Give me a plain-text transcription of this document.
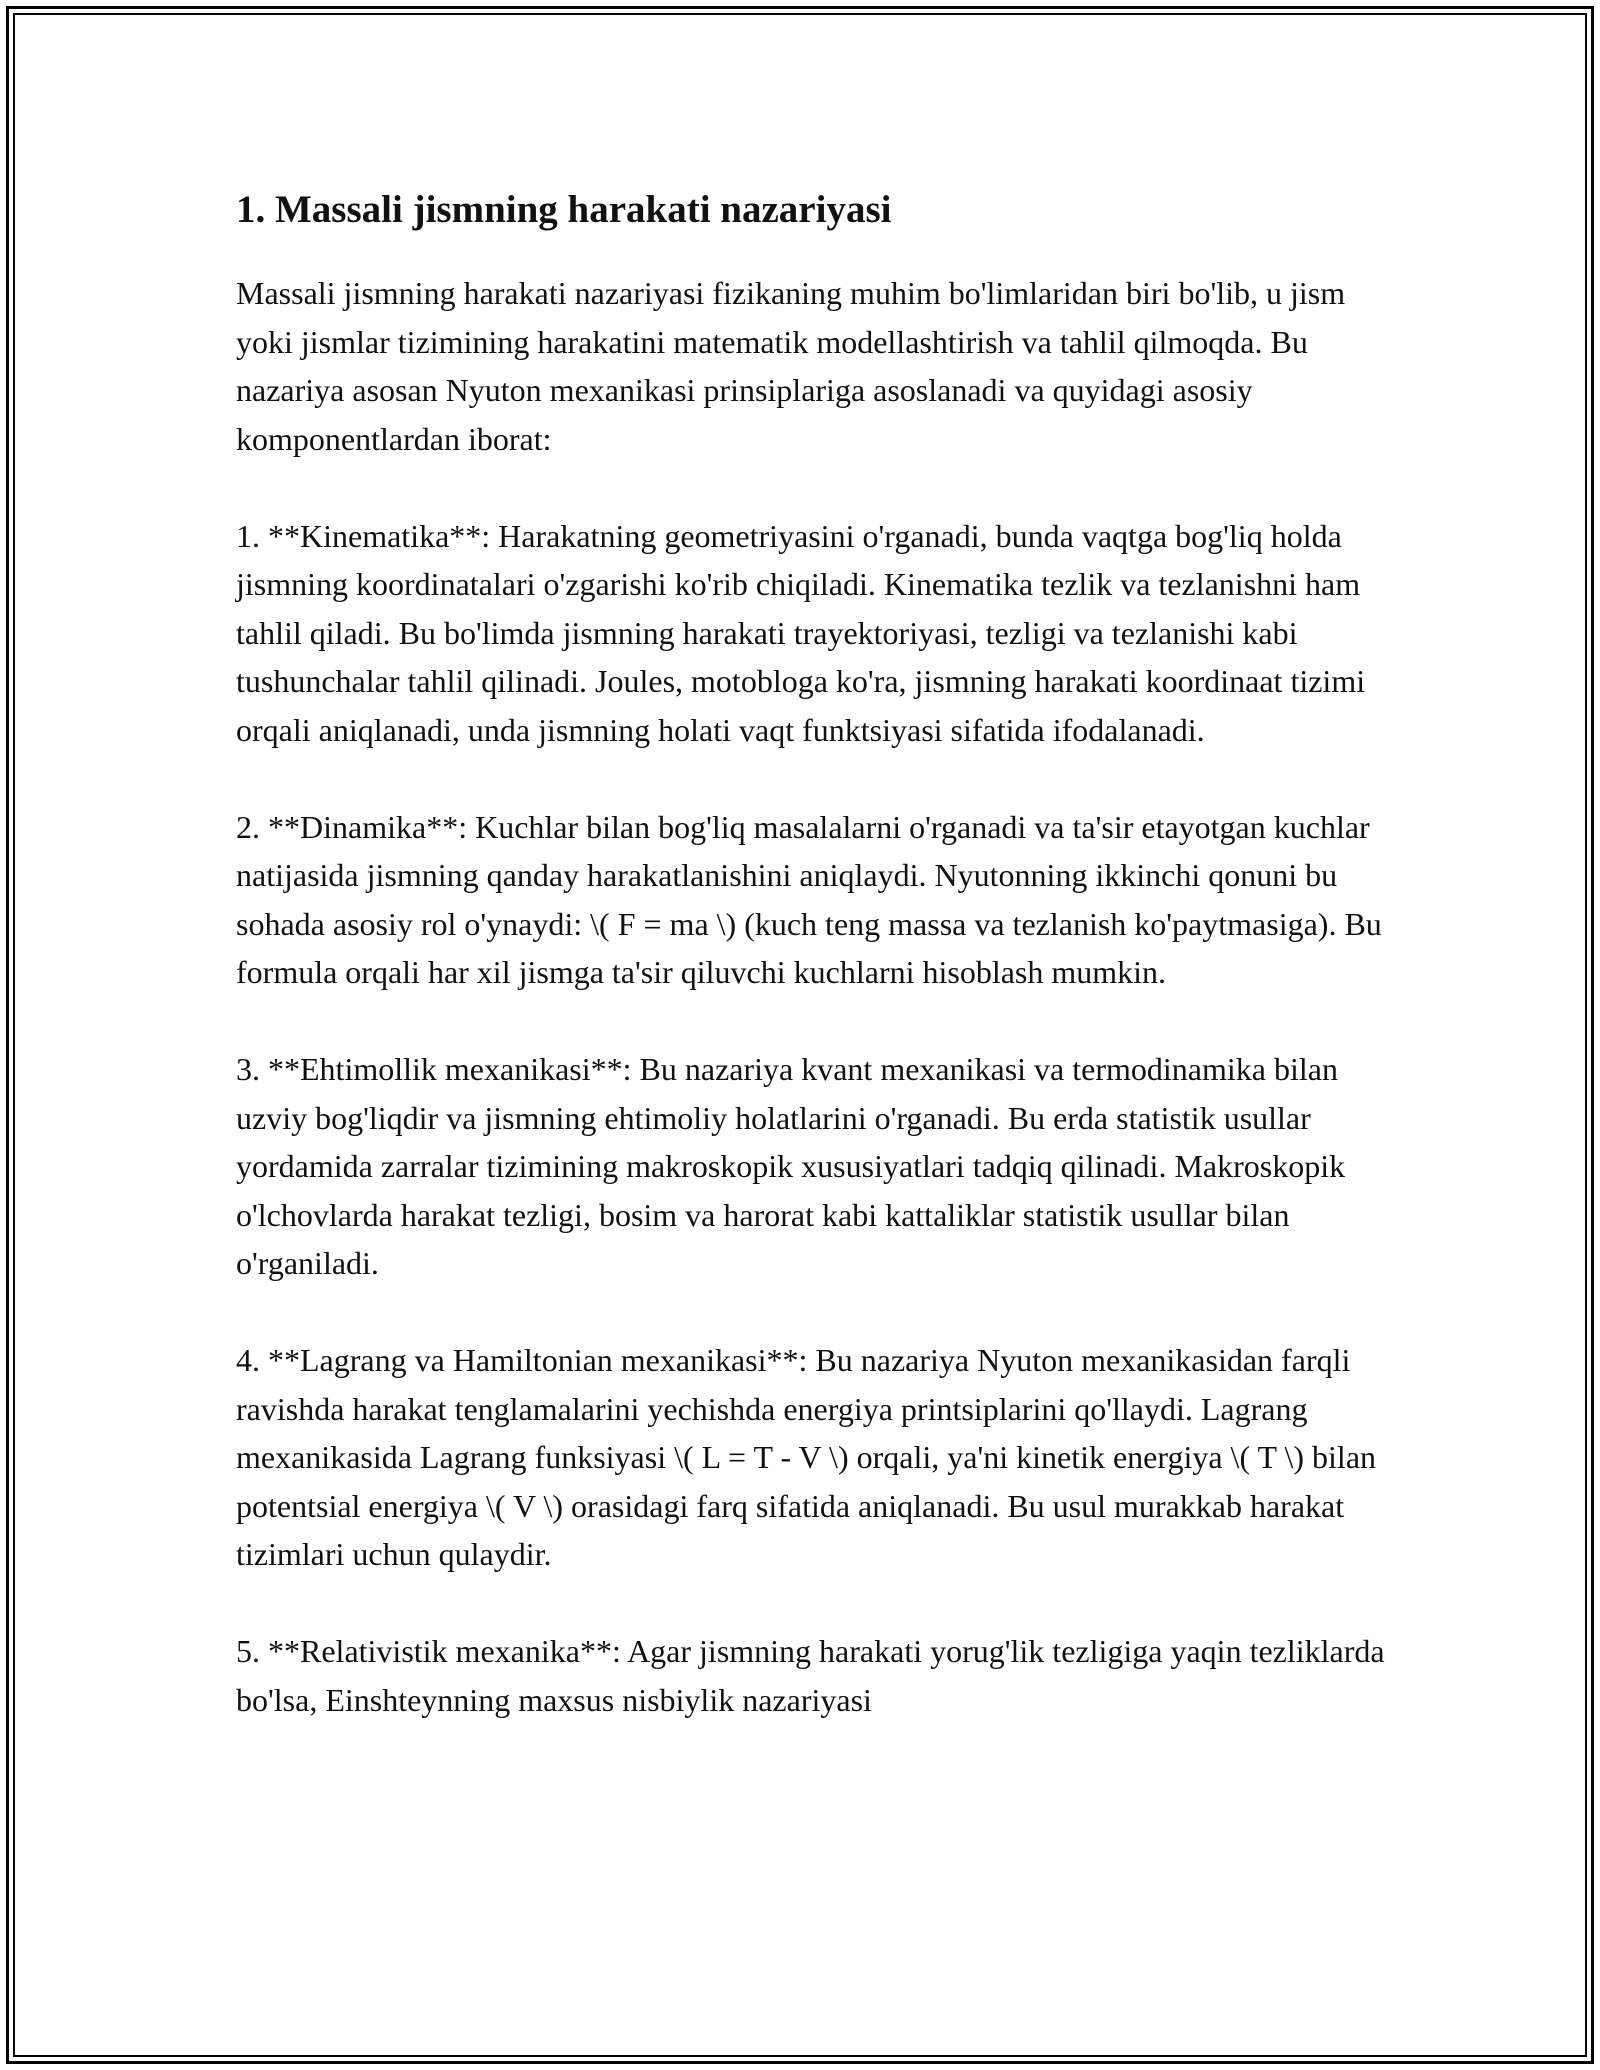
1. Massali jismning harakati nazariyasi

Massali jismning harakati nazariyasi fizikaning muhim bo'limlaridan biri bo'lib, u jism yoki jismlar tizimining harakatini matematik modellashtirish va tahlil qilmoqda. Bu nazariya asosan Nyuton mexanikasi prinsiplariga asoslanadi va quyidagi asosiy komponentlardan iborat:

1. **Kinematika**: Harakatning geometriyasini o'rganadi, bunda vaqtga bog'liq holda jismning koordinatalari o'zgarishi ko'rib chiqiladi. Kinematika tezlik va tezlanishni ham tahlil qiladi. Bu bo'limda jismning harakati trayektoriyasi, tezligi va tezlanishi kabi tushunchalar tahlil qilinadi. Joules, motobloga ko'ra, jismning harakati koordinaat tizimi orqali aniqlanadi, unda jismning holati vaqt funktsiyasi sifatida ifodalanadi.

2. **Dinamika**: Kuchlar bilan bog'liq masalalarni o'rganadi va ta'sir etayotgan kuchlar natijasida jismning qanday harakatlanishini aniqlaydi. Nyutonning ikkinchi qonuni bu sohada asosiy rol o'ynaydi: \( F = ma \) (kuch teng massa va tezlanish ko'paytmasiga). Bu formula orqali har xil jismga ta'sir qiluvchi kuchlarni hisoblash mumkin.

3. **Ehtimollik mexanikasi**: Bu nazariya kvant mexanikasi va termodinamika bilan uzviy bog'liqdir va jismning ehtimoliy holatlarini o'rganadi. Bu erda statistik usullar yordamida zarralar tizimining makroskopik xususiyatlari tadqiq qilinadi. Makroskopik o'lchovlarda harakat tezligi, bosim va harorat kabi kattaliklar statistik usullar bilan o'rganiladi.

4. **Lagrang va Hamiltonian mexanikasi**: Bu nazariya Nyuton mexanikasidan farqli ravishda harakat tenglamalarini yechishda energiya printsiplarini qo'llaydi. Lagrang mexanikasida Lagrang funksiyasi \( L = T - V \) orqali, ya'ni kinetik energiya \( T \) bilan potentsial energiya \( V \) orasidagi farq sifatida aniqlanadi. Bu usul murakkab harakat tizimlari uchun qulaydir.

5. **Relativistik mexanika**: Agar jismning harakati yorug'lik tezligiga yaqin tezliklarda bo'lsa, Einshteynning maxsus nisbiylik nazariyasi
